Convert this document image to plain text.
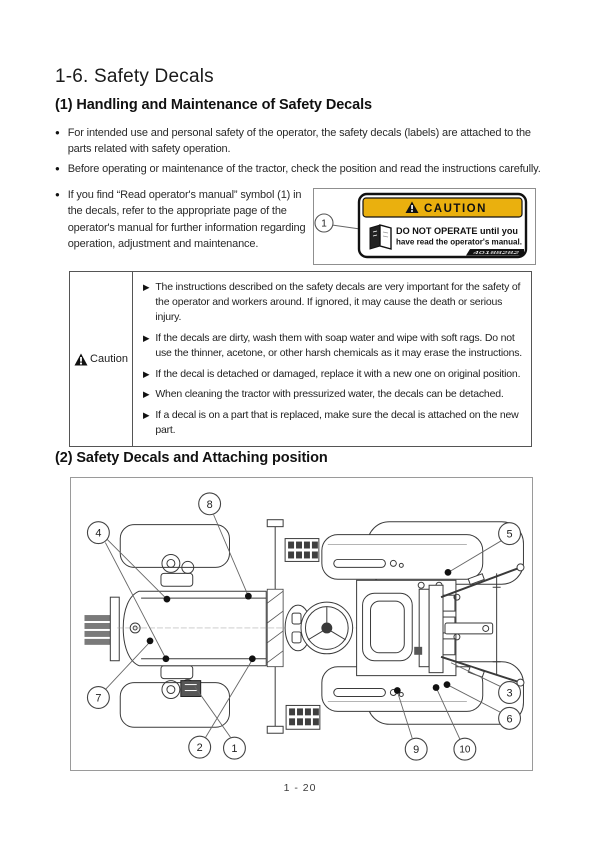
1-6. Safety Decals
(1) Handling and Maintenance of Safety Decals
● For intended use and personal safety of the operator, the safety decals (labels) are attached to the parts related with safety operation.
● Before operating or maintenance of the tractor, check the position and read the instructions carefully.
● If you find “Read operator's manual” symbol (1) in the decals, refer to the appropriate page of the operator's manual for further information regarding operation, adjustment and maintenance.
1
CAUTION
DO NOT OPERATE until you
have read the operator's manual.
40188282
Caution
▶ The instructions described on the safety decals are very important for the safety of the operator and workers around. If ignored, it may cause the death or serious injury.
▶ If the decals are dirty, wash them with soap water and wipe with soft rags. Do not use the thinner, acetone, or other harsh chemicals as it may erase the instructions.
▶ If the decal is detached or damaged, replace it with a new one on original position.
▶ When cleaning the tractor with pressurized water, the decals can be detached.
▶ If a decal is on a part that is replaced, make sure the decal is attached on the new part.
(2) Safety Decals and Attaching position
1
2
3
4	5
6
7
8
9	10
1 - 20
